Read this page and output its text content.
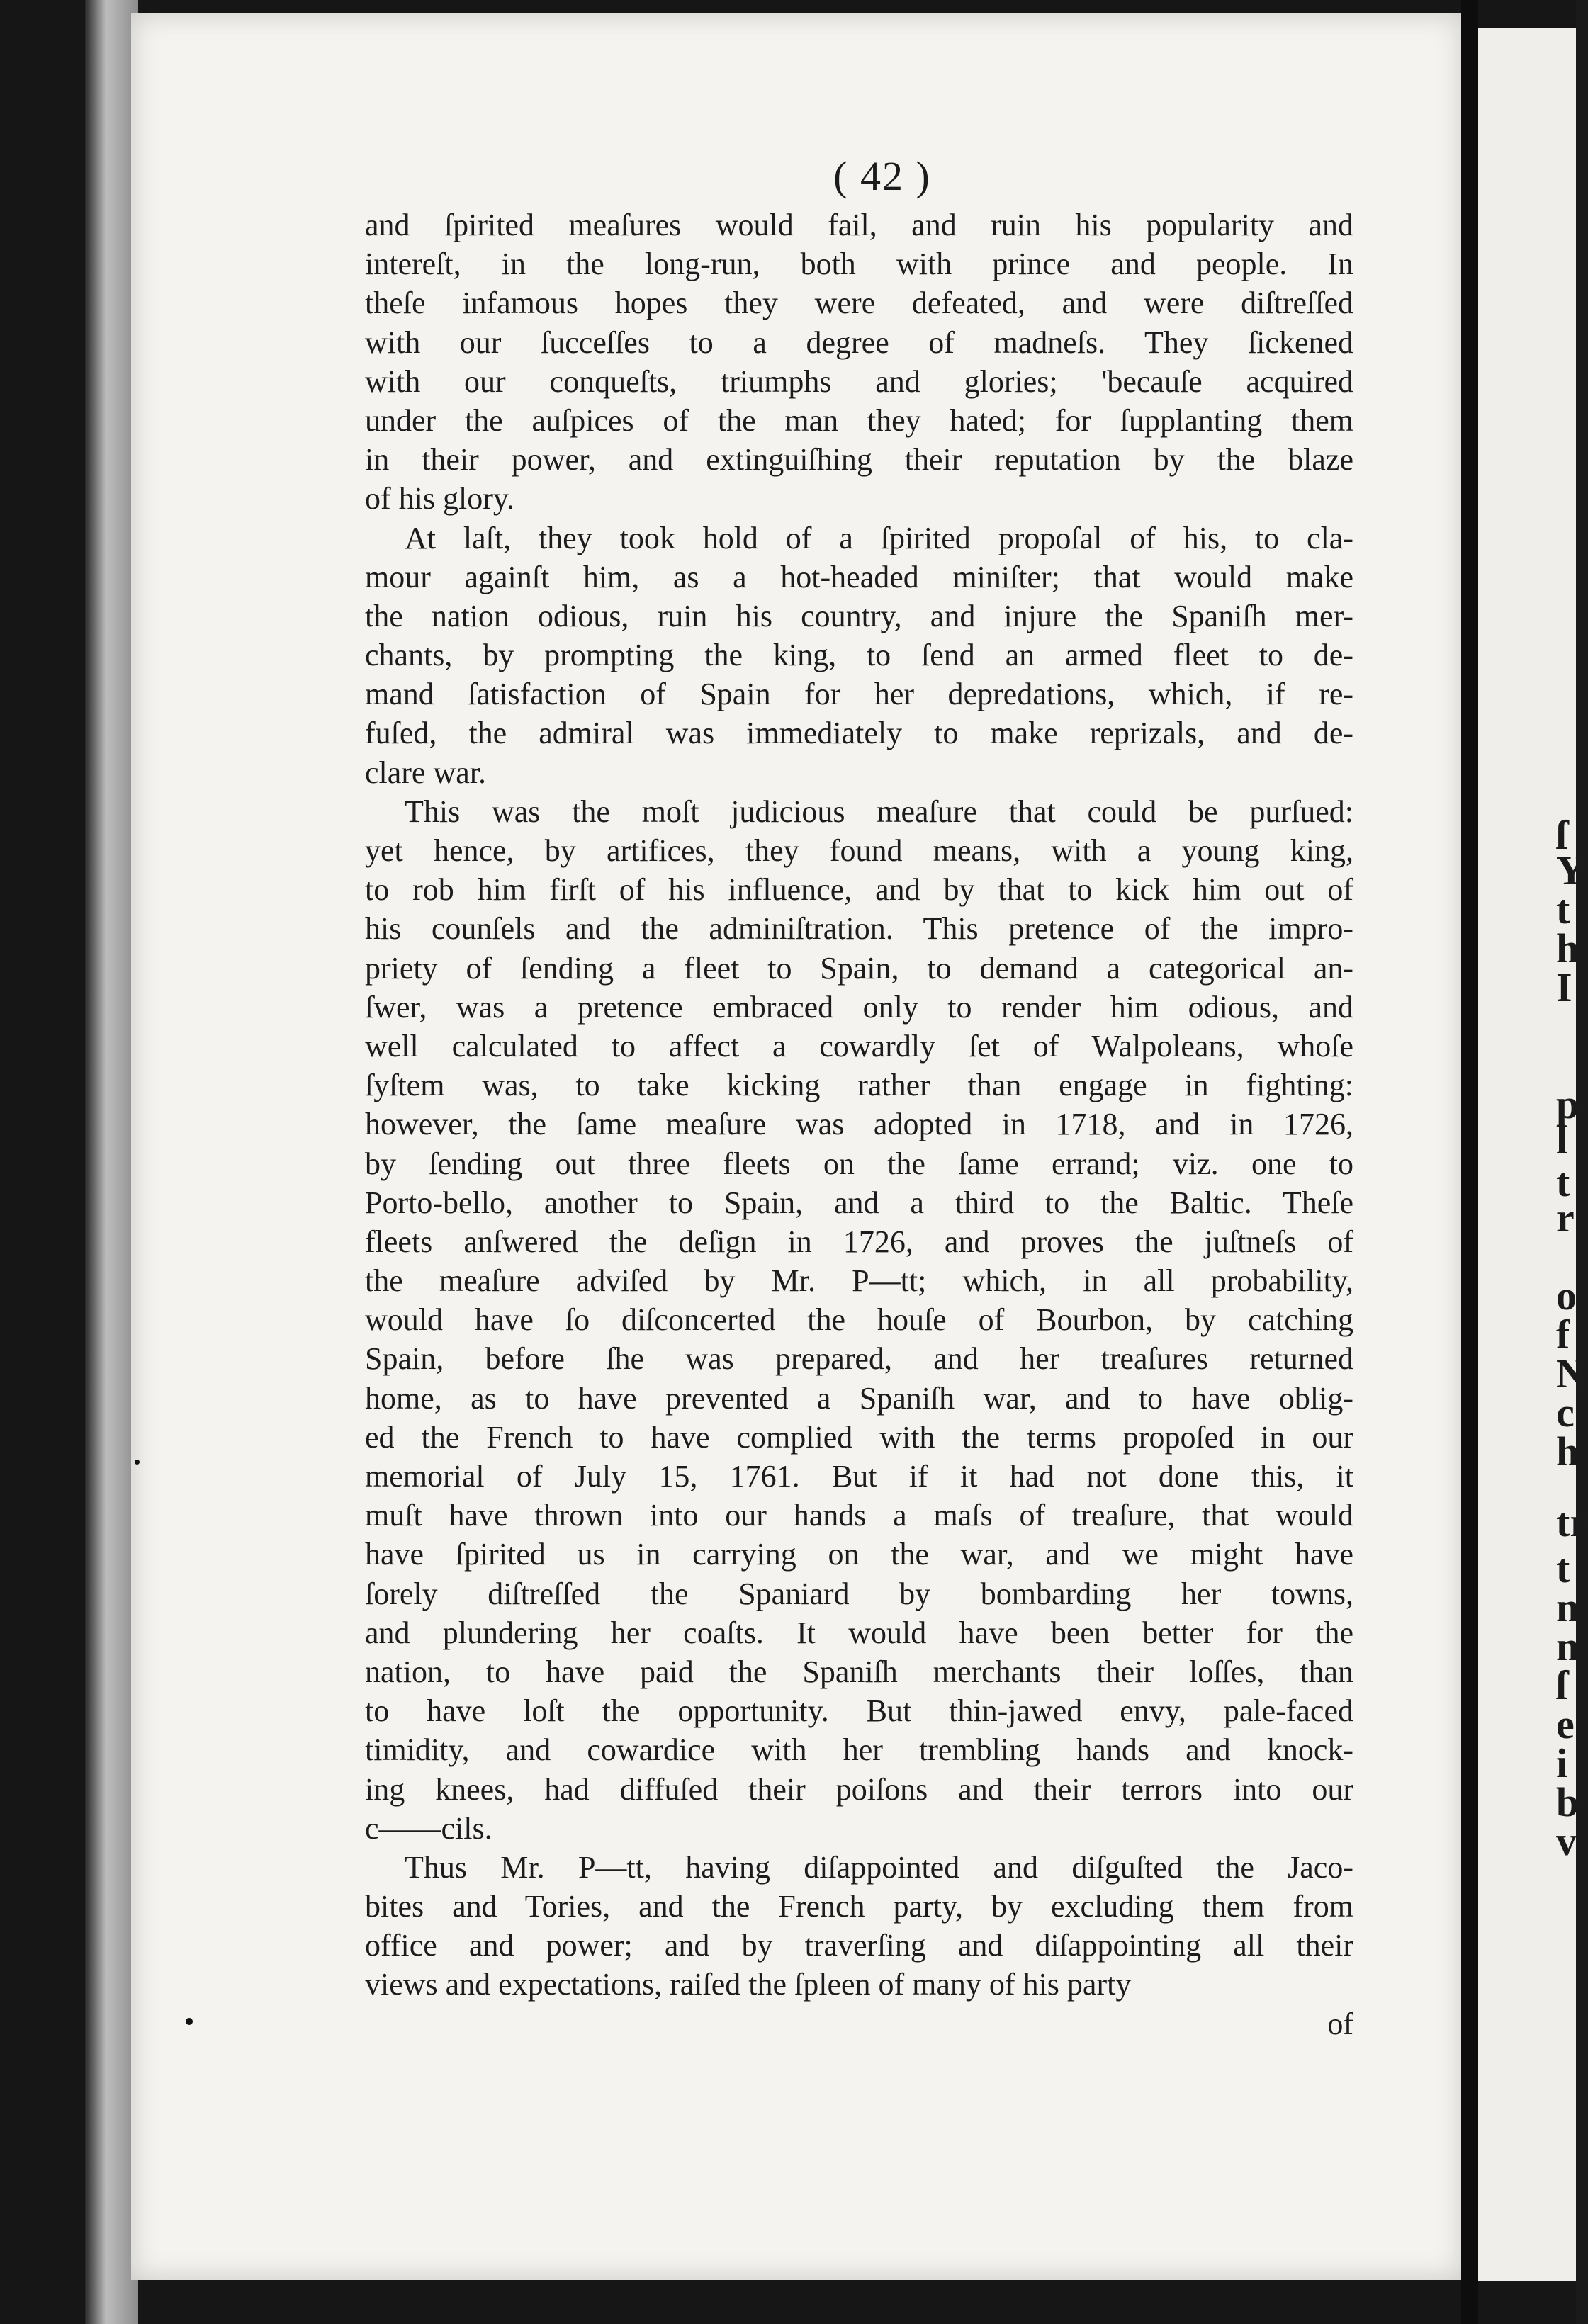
ſ
Y
t
h
I
p
l
t
r
o
f
N
c
h
tr
t
n
n
ſ
e
i
b
v
( 42 )
and ſpirited meaſures would fail, and ruin his popularity and
intereſt, in the long-run, both with prince and people. In
theſe infamous hopes they were defeated, and were diſtreſſed
with our ſucceſſes to a degree of madneſs. They ſickened
with our conqueſts, triumphs and glories; 'becauſe acquired
under the auſpices of the man they hated; for ſupplanting them
in their power, and extinguiſhing their reputation by the blaze
of his glory.
At laſt, they took hold of a ſpirited propoſal of his, to cla-
mour againſt him, as a hot-headed miniſter; that would make
the nation odious, ruin his country, and injure the Spaniſh mer-
chants, by prompting the king, to ſend an armed fleet to de-
mand ſatisfaction of Spain for her depredations, which, if re-
fuſed, the admiral was immediately to make reprizals, and de-
clare war.
This was the moſt judicious meaſure that could be purſued:
yet hence, by artifices, they found means, with a young king,
to rob him firſt of his influence, and by that to kick him out of
his counſels and the adminiſtration. This pretence of the impro-
priety of ſending a fleet to Spain, to demand a categorical an-
ſwer, was a pretence embraced only to render him odious, and
well calculated to affect a cowardly ſet of Walpoleans, whoſe
ſyſtem was, to take kicking rather than engage in fighting:
however, the ſame meaſure was adopted in 1718, and in 1726,
by ſending out three fleets on the ſame errand; viz. one to
Porto-bello, another to Spain, and a third to the Baltic. Theſe
fleets anſwered the deſign in 1726, and proves the juſtneſs of
the meaſure adviſed by Mr. P—tt; which, in all probability,
would have ſo diſconcerted the houſe of Bourbon, by catching
Spain, before ſhe was prepared, and her treaſures returned
home, as to have prevented a Spaniſh war, and to have oblig-
ed the French to have complied with the terms propoſed in our
memorial of July 15, 1761. But if it had not done this, it
muſt have thrown into our hands a maſs of treaſure, that would
have ſpirited us in carrying on the war, and we might have
ſorely diſtreſſed the Spaniard by bombarding her towns,
and plundering her coaſts. It would have been better for the
nation, to have paid the Spaniſh merchants their loſſes, than
to have loſt the opportunity. But thin-jawed envy, pale-faced
timidity, and cowardice with her trembling hands and knock-
ing knees, had diffuſed their poiſons and their terrors into our
c——cils.
Thus Mr. P—tt, having diſappointed and diſguſted the Jaco-
bites and Tories, and the French party, by excluding them from
office and power; and by traverſing and diſappointing all their
views and expectations, raiſed the ſpleen of many of his party
of
